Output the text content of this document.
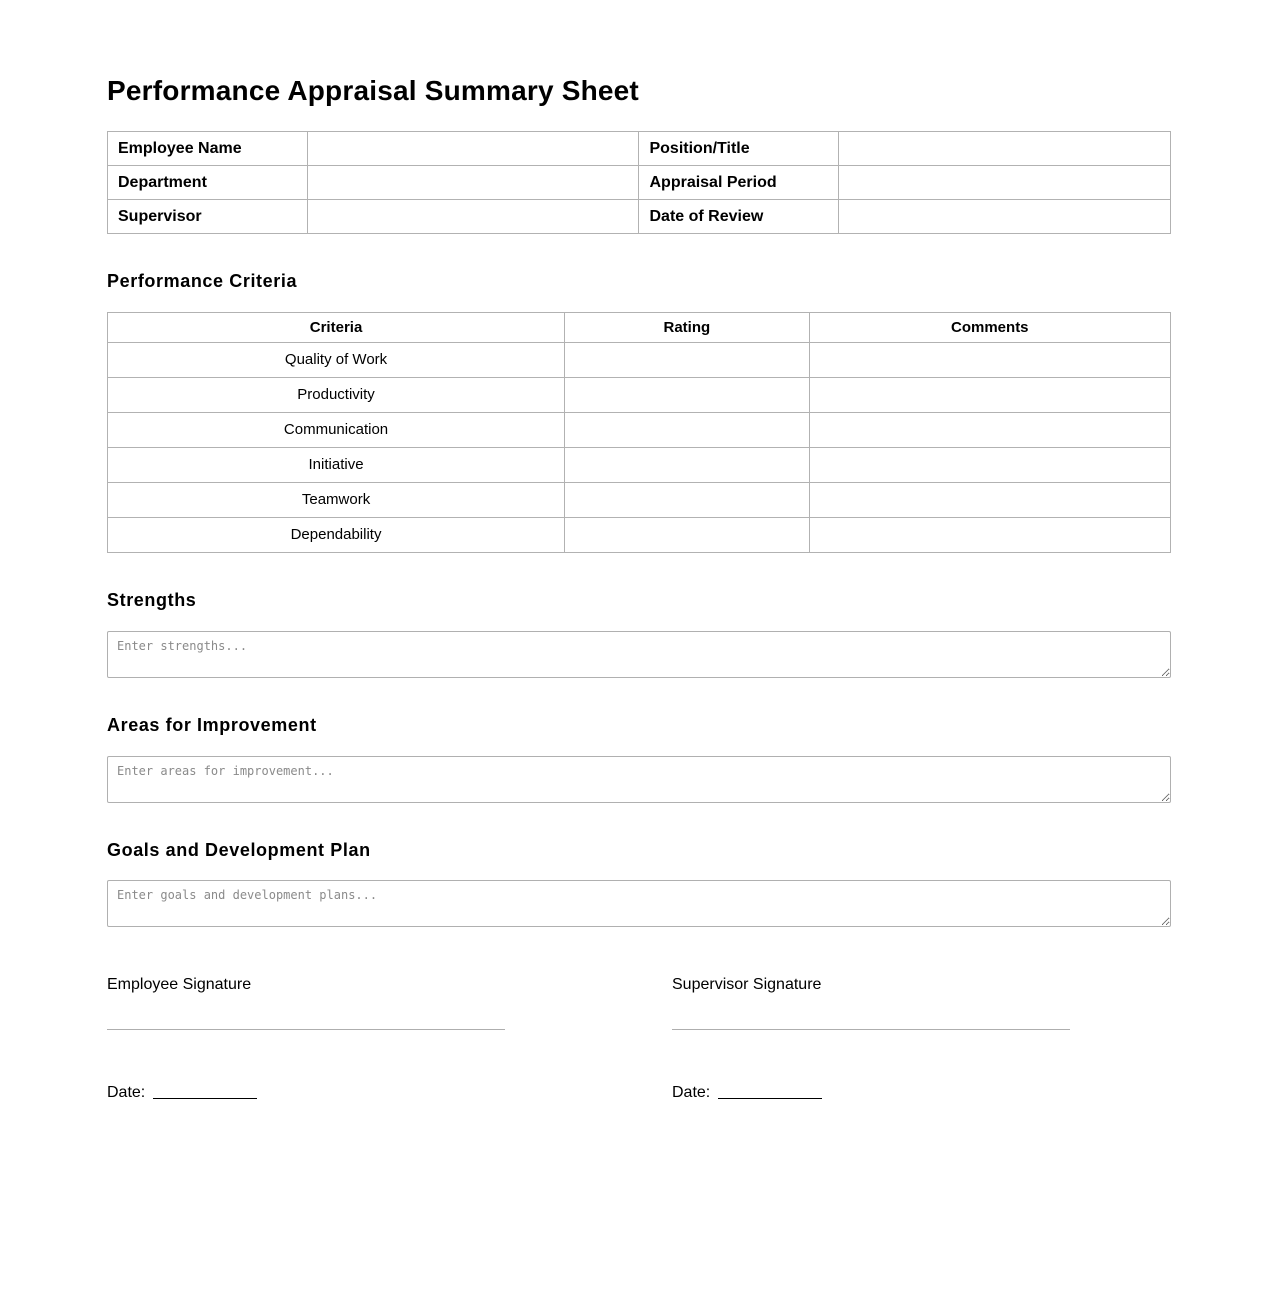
Performance Appraisal Summary Sheet
Employee Name		Position/Title	
Department		Appraisal Period	
Supervisor		Date of Review	
Performance Criteria
Criteria	Rating	Comments
Quality of Work		
Productivity		
Communication		
Initiative		
Teamwork		
Dependability		
Strengths
Enter strengths...
Areas for Improvement
Enter areas for improvement...
Goals and Development Plan
Enter goals and development plans...
Employee Signature
Date:
Supervisor Signature
Date:
